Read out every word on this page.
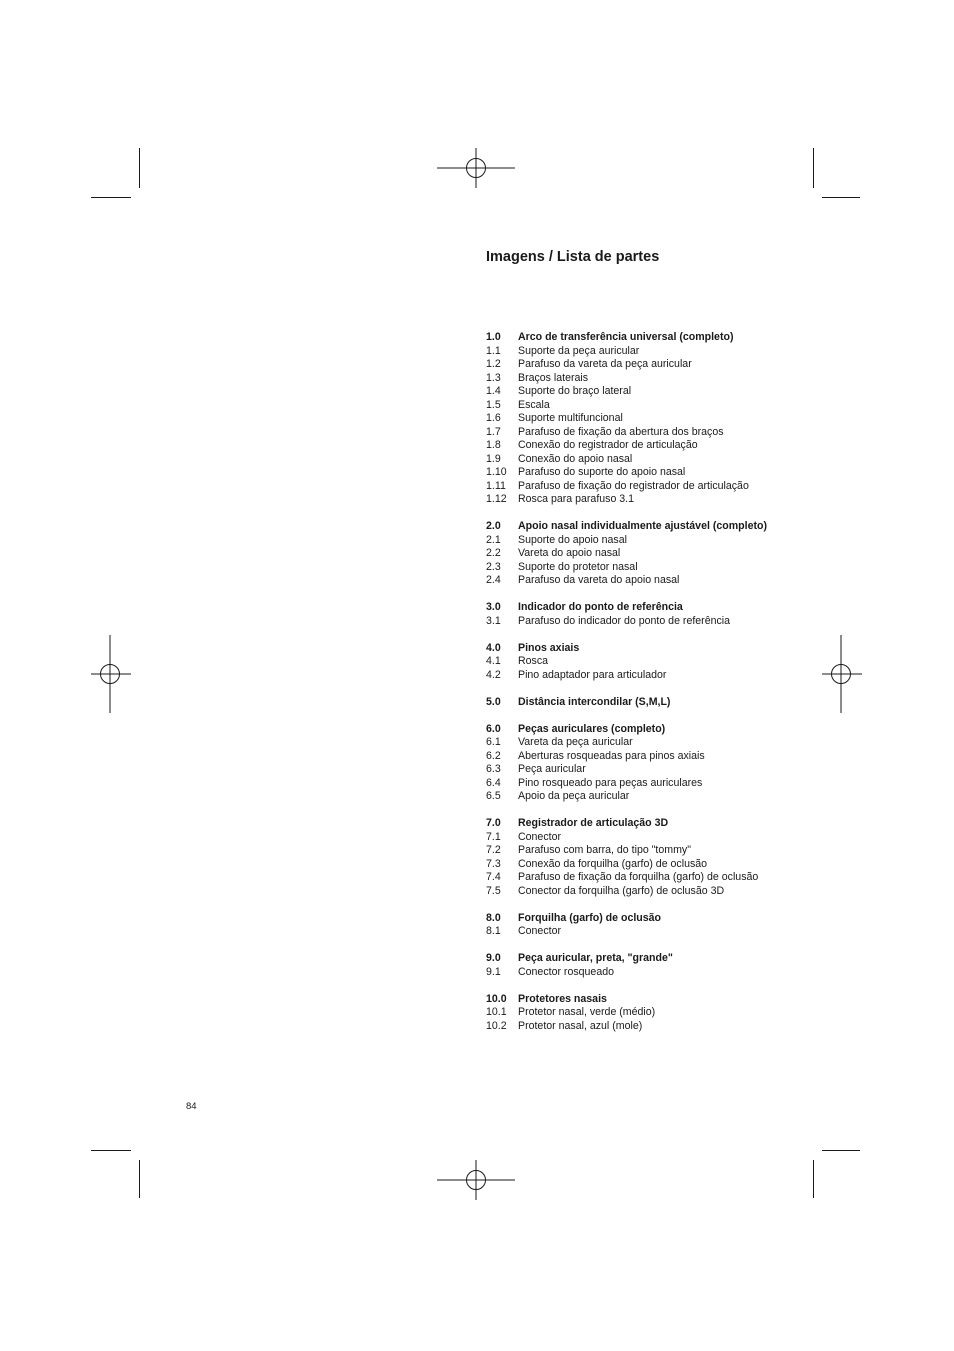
Imagens / Lista de partes
1.0	Arco de transferência universal (completo)
1.1	Suporte da peça auricular
1.2	Parafuso da vareta da peça auricular
1.3	Braços laterais
1.4	Suporte do braço lateral
1.5	Escala
1.6	Suporte multifuncional
1.7	Parafuso de fixação da abertura dos braços
1.8	Conexão do registrador de articulação
1.9	Conexão do apoio nasal
1.10	Parafuso do suporte do apoio nasal
1.11	Parafuso de fixação do registrador de articulação
1.12	Rosca para parafuso 3.1
2.0	Apoio nasal individualmente ajustável (completo)
2.1	Suporte do apoio nasal
2.2	Vareta do apoio nasal
2.3	Suporte do protetor nasal
2.4	Parafuso da vareta do apoio nasal
3.0	Indicador do ponto de referência
3.1	Parafuso do indicador do ponto de referência
4.0	Pinos axiais
4.1	Rosca
4.2	Pino adaptador para articulador
5.0	Distância intercondilar (S,M,L)
6.0	Peças auriculares (completo)
6.1	Vareta da peça auricular
6.2	Aberturas rosqueadas para pinos axiais
6.3	Peça auricular
6.4	Pino rosqueado para peças auriculares
6.5	Apoio da peça auricular
7.0	Registrador de articulação 3D
7.1	Conector
7.2	Parafuso com barra, do tipo "tommy"
7.3	Conexão da forquilha (garfo) de oclusão
7.4	Parafuso de fixação da forquilha (garfo) de oclusão
7.5	Conector da forquilha (garfo) de oclusão 3D
8.0	Forquilha (garfo) de oclusão
8.1	Conector
9.0	Peça auricular, preta, "grande"
9.1	Conector rosqueado
10.0	Protetores nasais
10.1	Protetor nasal, verde (médio)
10.2	Protetor nasal, azul (mole)
84
